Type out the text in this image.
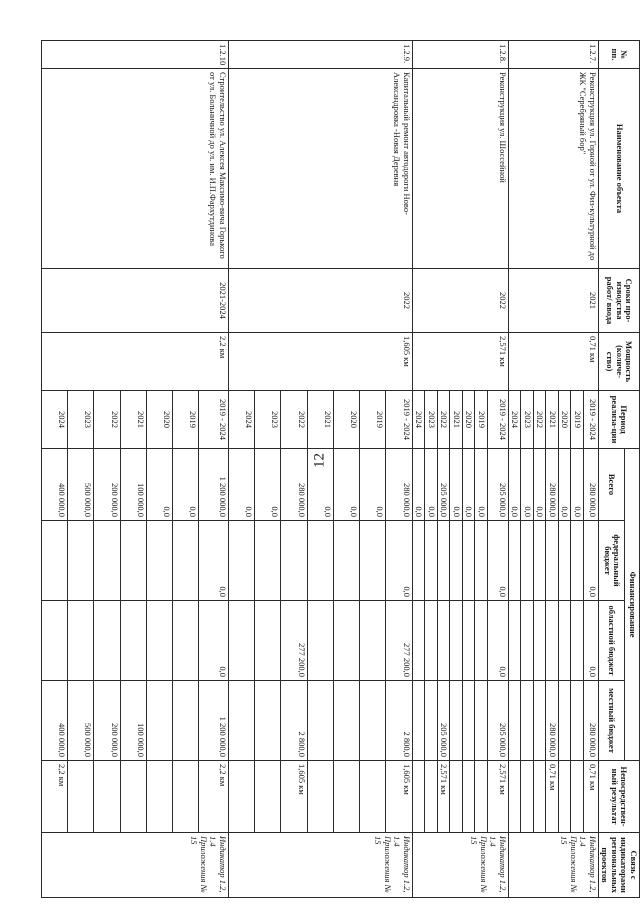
12
№ пп.	Наименование объекта	Сроки про-изводства работ/ ввода	Мощность (количе-ство)	Период реализа-ции	Финансирование				Непосредствен-ный результат	Связь с индикаторами региональных проектов
					Всего	федеральный бюджет	областной бюджет	местный бюджет		
1.2.7.	Реконструкция ул. Горной от ул. Физ-культурной до ЖК "Серебряный бор"	2021	0,71 км	2019 - 2024	280 000,0	0,0	0,0	280 000,0	0,71 км	Индикатор 1.2, 1.4 Приложения № 15
				2019	0,0					
				2020	0,0					
				2021	280 000,0			280 000,0	0,71 км	
				2022	0,0					
				2023	0,0					
				2024	0,0					
1.2.8.	Реконструкция ул. Шоссейной	2022	2,571 км	2019 - 2024	205 000,0	0,0	0,0	205 000,0	2,571 км	Индикатор 1.2, 1.4 Приложения № 15
				2019	0,0					
				2020	0,0					
				2021	0,0					
				2022	205 000,0			205 000,0	2,571 км	
				2023	0,0					
				2024	0,0					
1.2.9.	Капитальный ремонт автодороги Ново-Александровка -Новая Деревня	2022	1,605 км	2019 - 2024	280 000,0	0,0	277 200,0	2 800,0	1,605 км	Индикатор 1.2, 1.4 Приложения № 15
				2019	0,0					
				2020	0,0					
				2021	0,0					
				2022	280 000,0		277 200,0	2 800,0	1,605 км	
				2023	0,0					
				2024	0,0					
1.2.10	Строительство ул. Алексея Максимо-вича Горького от ул. Больничной до ул. им. И.П.Фархутдинова	2021-2024	2,2 км	2019 - 2024	1 200 000,0	0,0	0,0	1 200 000,0	2,2 км	Индикатор 1.2, 1.4 Приложения № 15
				2019	0,0					
				2020	0,0					
				2021	100 000,0			100 000,0		
				2022	200 000,0			200 000,0		
				2023	500 000,0			500 000,0		
				2024	400 000,0			400 000,0	2,2 км	
